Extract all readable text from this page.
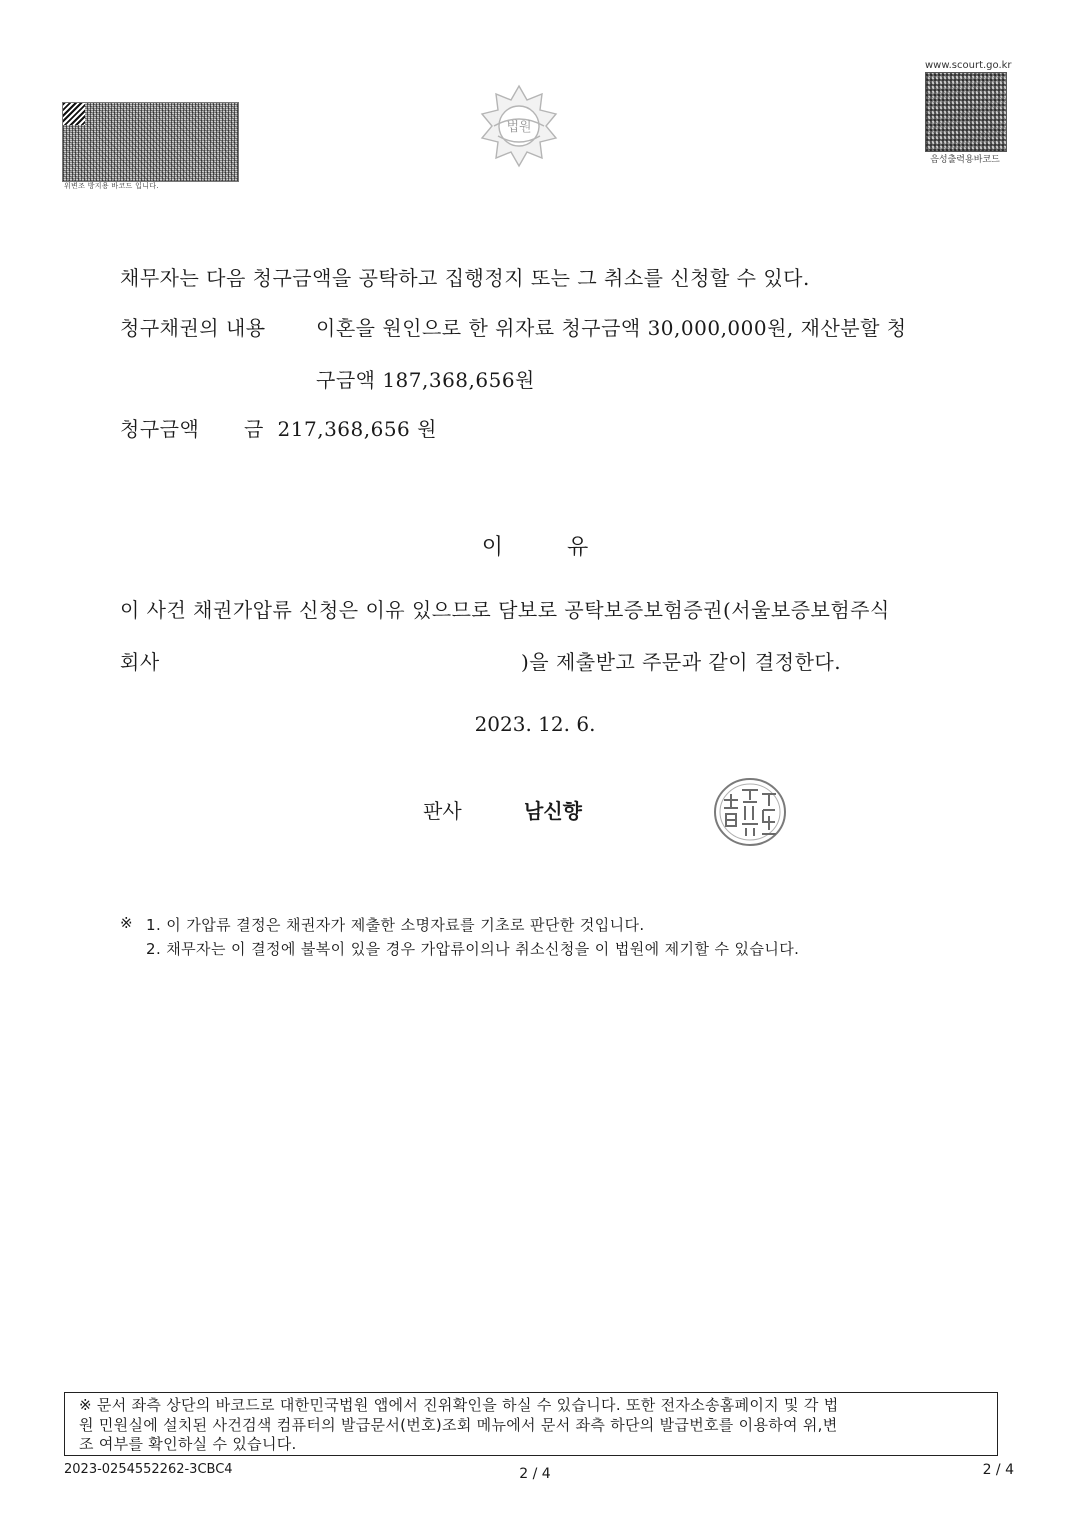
위변조 방지용 바코드 입니다.
법원
www.scourt.go.kr
음성출력용바코드
채무자는 다음 청구금액을 공탁하고 집행정지 또는 그 취소를 신청할 수 있다.
청구채권의 내용	이혼을 원인으로 한 위자료 청구금액 30,000,000원, 재산분할 청
구금액 187,368,656원
청구금액 금  217,368,656 원
이	유
이 사건 채권가압류 신청은 이유 있으므로 담보로 공탁보증보험증권(서울보증보험주식
회사	)을 제출받고 주문과 같이 결정한다.
2023. 12. 6.
판사	남신향
※ 1. 이 가압류 결정은 채권자가 제출한 소명자료를 기초로 판단한 것입니다.
2. 채무자는 이 결정에 불복이 있을 경우 가압류이의나 취소신청을 이 법원에 제기할 수 있습니다.
※ 문서 좌측 상단의 바코드로 대한민국법원 앱에서 진위확인을 하실 수 있습니다. 또한 전자소송홈페이지 및 각 법
원 민원실에 설치된 사건검색 컴퓨터의 발급문서(번호)조회 메뉴에서 문서 좌측 하단의 발급번호를 이용하여 위,변
조 여부를 확인하실 수 있습니다.
2023-0254552262-3CBC4	2 / 4	2 / 4
